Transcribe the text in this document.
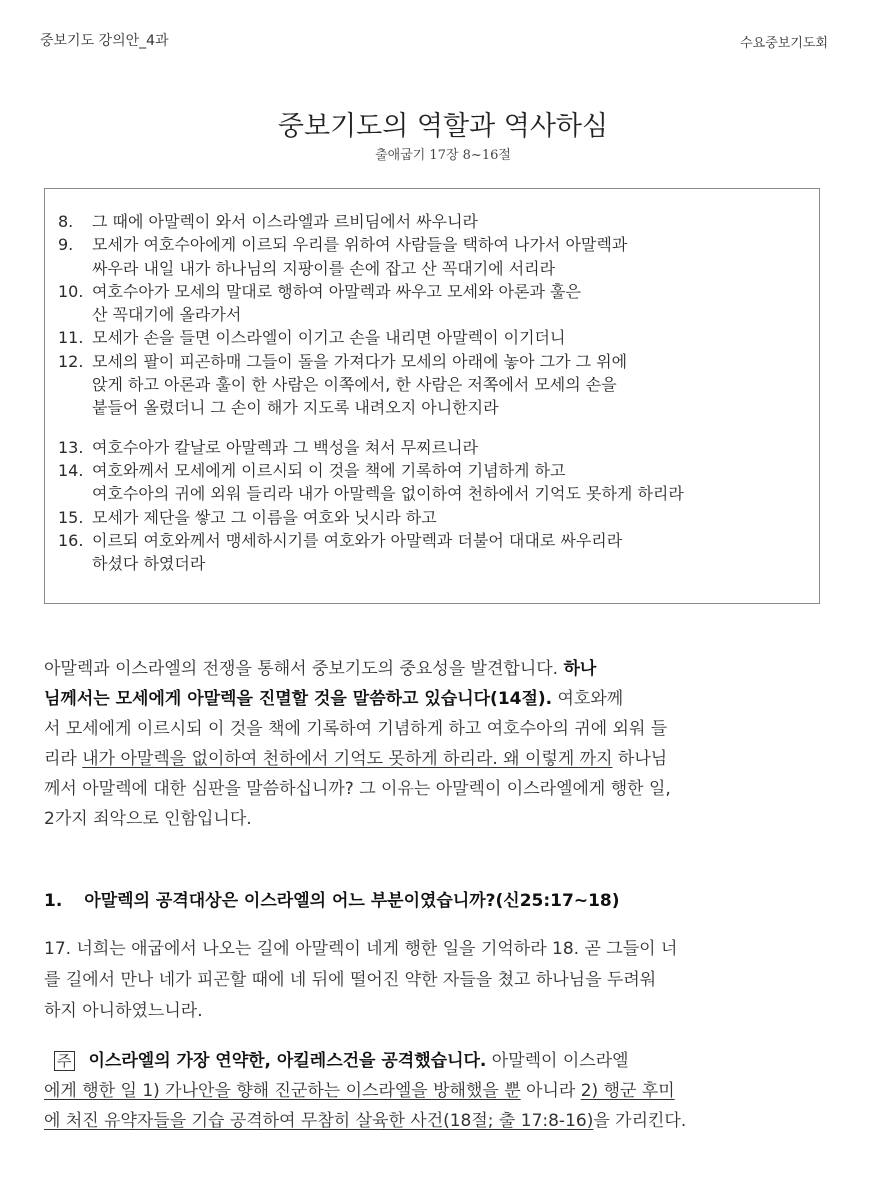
중보기도 강의안_4과	수요중보기도회
중보기도의 역할과 역사하심
출애굽기 17장 8~16절
8.	그 때에 아말렉이 와서 이스라엘과 르비딤에서 싸우니라
9.	모세가 여호수아에게 이르되 우리를 위하여 사람들을 택하여 나가서 아말렉과
싸우라 내일 내가 하나님의 지팡이를 손에 잡고 산 꼭대기에 서리라
10. 여호수아가 모세의 말대로 행하여 아말렉과 싸우고 모세와 아론과 훌은
산 꼭대기에 올라가서
11. 모세가 손을 들면 이스라엘이 이기고 손을 내리면 아말렉이 이기더니
12. 모세의 팔이 피곤하매 그들이 돌을 가져다가 모세의 아래에 놓아 그가 그 위에
앉게 하고 아론과 훌이 한 사람은 이쪽에서, 한 사람은 저쪽에서 모세의 손을
붙들어 올렸더니 그 손이 해가 지도록 내려오지 아니한지라
13. 여호수아가 칼날로 아말렉과 그 백성을 쳐서 무찌르니라
14. 여호와께서 모세에게 이르시되 이 것을 책에 기록하여 기념하게 하고
여호수아의 귀에 외워 들리라 내가 아말렉을 없이하여 천하에서 기억도 못하게 하리라
15. 모세가 제단을 쌓고 그 이름을 여호와 닛시라 하고
16. 이르되 여호와께서 맹세하시기를 여호와가 아말렉과 더불어 대대로 싸우리라
하셨다 하였더라
아말렉과 이스라엘의 전쟁을 통해서 중보기도의 중요성을 발견합니다. 하나
님께서는 모세에게 아말렉을 진멸할 것을 말씀하고 있습니다(14절). 여호와께
서 모세에게 이르시되 이 것을 책에 기록하여 기념하게 하고 여호수아의 귀에 외워 들
리라 내가 아말렉을 없이하여 천하에서 기억도 못하게 하리라. 왜 이렇게 까지 하나님
께서 아말렉에 대한 심판을 말씀하십니까? 그 이유는 아말렉이 이스라엘에게 행한 일,
2가지 죄악으로 인함입니다.
1. 아말렉의 공격대상은 이스라엘의 어느 부분이였습니까?(신25:17~18)
17. 너희는 애굽에서 나오는 길에 아말렉이 네게 행한 일을 기억하라 18. 곧 그들이 너
를 길에서 만나 네가 피곤할 때에 네 뒤에 떨어진 약한 자들을 쳤고 하나님을 두려워
하지 아니하였느니라.
주 이스라엘의 가장 연약한, 아킬레스건을 공격했습니다. 아말렉이 이스라엘
에게 행한 일 1) 가나안을 향해 진군하는 이스라엘을 방해했을 뿐 아니라 2) 행군 후미
에 처진 유약자들을 기습 공격하여 무참히 살육한 사건(18절; 출 17:8-16)을 가리킨다.
